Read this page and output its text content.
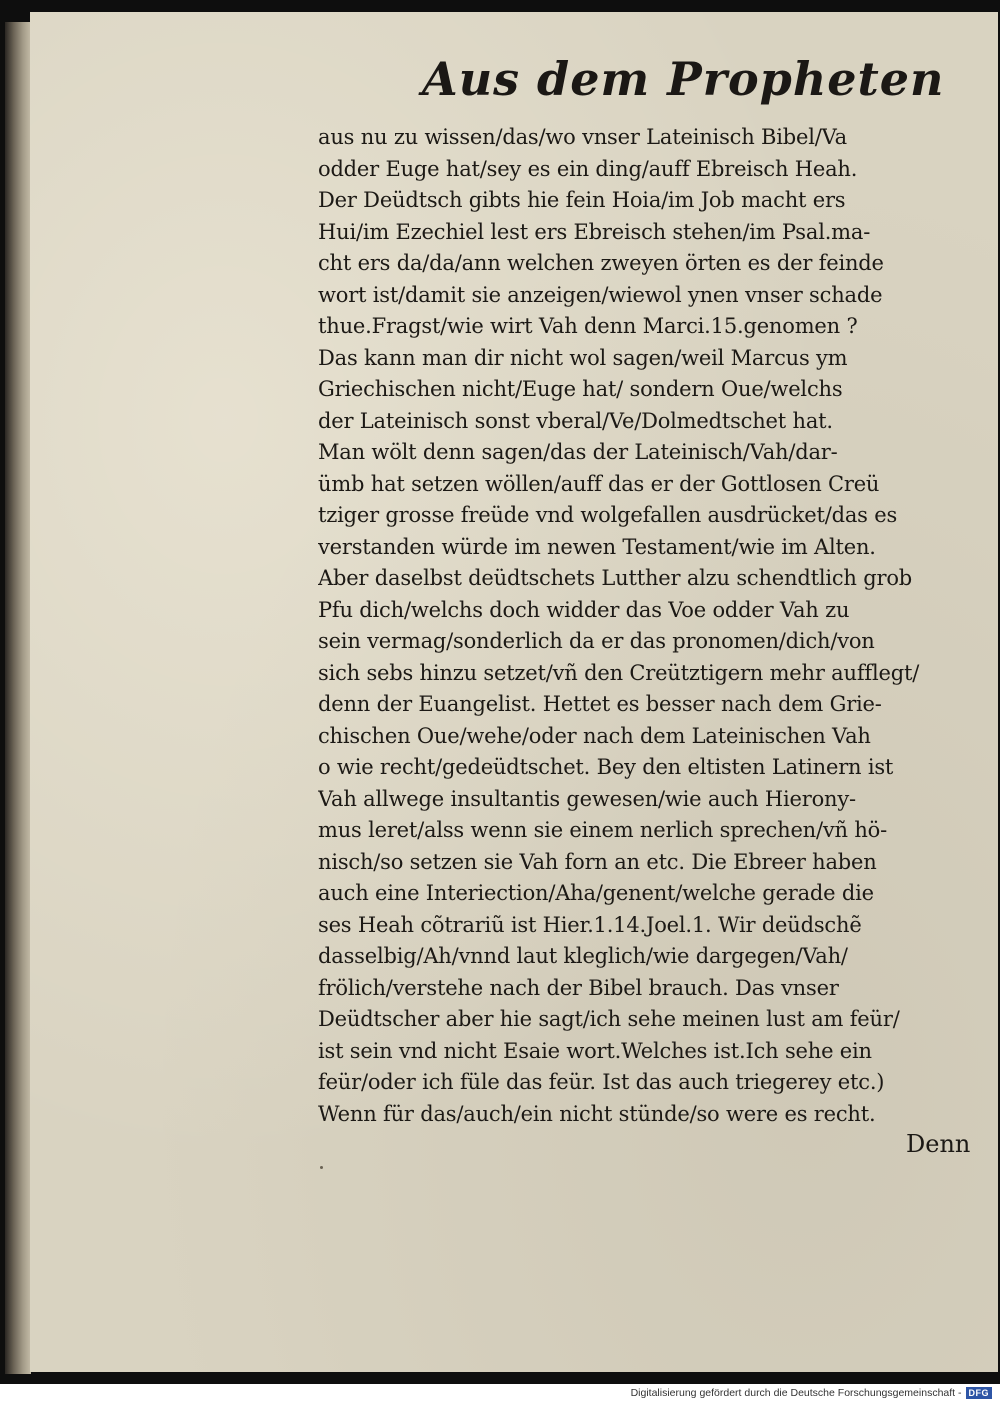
Aus dem Propheten
aus nu zu wissen/das/wo vnser Lateinisch Bibel/Va
odder Euge hat/sey es ein ding/auff Ebreisch Heah.
Der Deüdtsch gibts hie fein Hoia/im Job macht ers
Hui/im Ezechiel lest ers Ebreisch stehen/im Psal.ma-
cht ers da/da/ann welchen zweyen örten es der feinde
wort ist/damit sie anzeigen/wiewol ynen vnser schade
thue.Fragst/wie wirt Vah denn Marci.15.genomen ?
Das kann man dir nicht wol sagen/weil Marcus ym
Griechischen nicht/Euge hat/ sondern Oue/welchs
der Lateinisch sonst vberal/Ve/Dolmedtschet hat.
Man wölt denn sagen/das der Lateinisch/Vah/dar-
ümb hat setzen wöllen/auff das er der Gottlosen Creü
tziger grosse freüde vnd wolgefallen ausdrücket/das es
verstanden würde im newen Testament/wie im Alten.
Aber daselbst deüdtschets Lutther alzu schendtlich grob
Pfu dich/welchs doch widder das Voe odder Vah zu
sein vermag/sonderlich da er das pronomen/dich/von
sich sebs hinzu setzet/vñ den Creütztigern mehr aufflegt/
denn der Euangelist. Hettet es besser nach dem Grie-
chischen Oue/wehe/oder nach dem Lateinischen Vah
o wie recht/gedeüdtschet. Bey den eltisten Latinern ist
Vah allwege insultantis gewesen/wie auch Hierony-
mus leret/alss wenn sie einem nerlich sprechen/vñ hö-
nisch/so setzen sie Vah forn an etc. Die Ebreer haben
auch eine Interiection/Aha/genent/welche gerade die
ses Heah cõtrariũ ist Hier.1.14.Joel.1. Wir deüdschẽ
dasselbig/Ah/vnnd laut kleglich/wie dargegen/Vah/
frölich/verstehe nach der Bibel brauch. Das vnser
Deüdtscher aber hie sagt/ich sehe meinen lust am feür/
ist sein vnd nicht Esaie wort.Welches ist.Ich sehe ein
feür/oder ich füle das feür. Ist das auch triegerey etc.)
Wenn für das/auch/ein nicht stünde/so were es recht.
Denn
Digitalisierung gefördert durch die Deutsche Forschungsgemeinschaft - DFG
